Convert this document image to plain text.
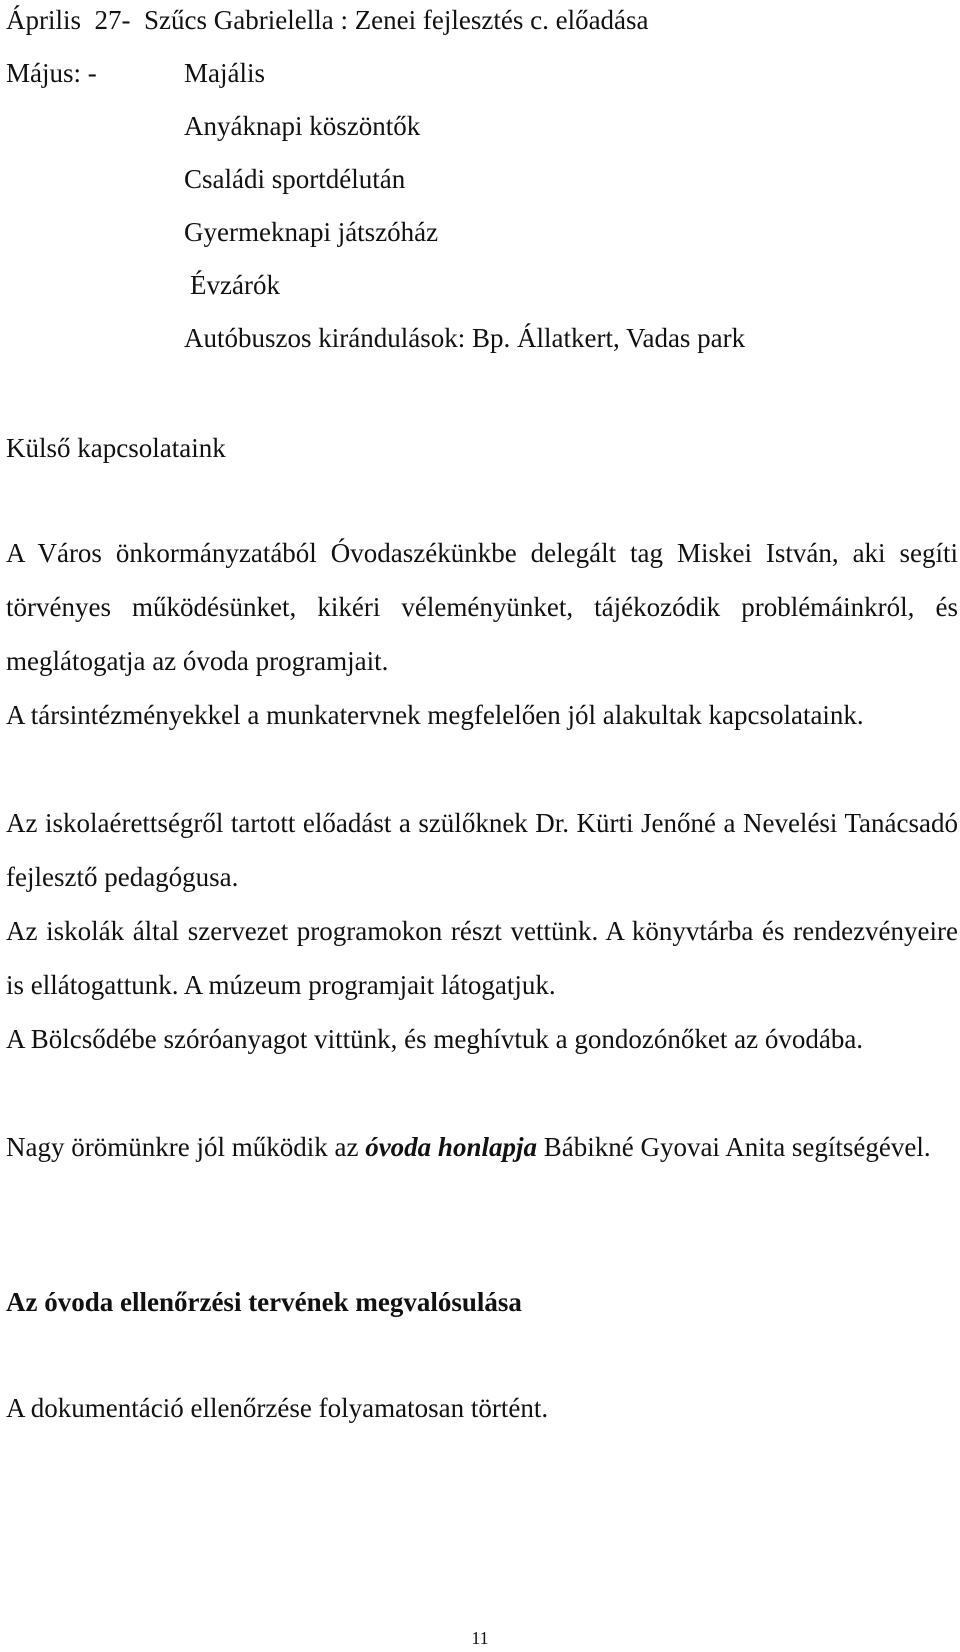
Április 27- Szűcs Gabrielella : Zenei fejlesztés c. előadása
Május: -	Majális
Anyáknapi köszöntők
Családi sportdélután
Gyermeknapi játszóház
Évzárók
Autóbuszos kirándulások: Bp. Állatkert, Vadas park
Külső kapcsolataink
A Város önkormányzatából Óvodaszékünkbe delegált tag Miskei István, aki segíti törvényes működésünket, kikéri véleményünket, tájékozódik problémáinkról, és meglátogatja az óvoda programjait.
A társintézményekkel a munkatervnek megfelelően jól alakultak kapcsolataink.
Az iskolaérettségről tartott előadást a szülőknek Dr. Kürti Jenőné a Nevelési Tanácsadó fejlesztő pedagógusa.
Az iskolák által szervezet programokon részt vettünk. A könyvtárba és rendezvényeire is ellátogattunk. A múzeum programjait látogatjuk.
A Bölcsődébe szóróanyagot vittünk, és meghívtuk a gondozónőket az óvodába.
Nagy örömünkre jól működik az óvoda honlapja Bábikné Gyovai Anita segítségével.
Az óvoda ellenőrzési tervének megvalósulása
A dokumentáció ellenőrzése folyamatosan történt.
11
